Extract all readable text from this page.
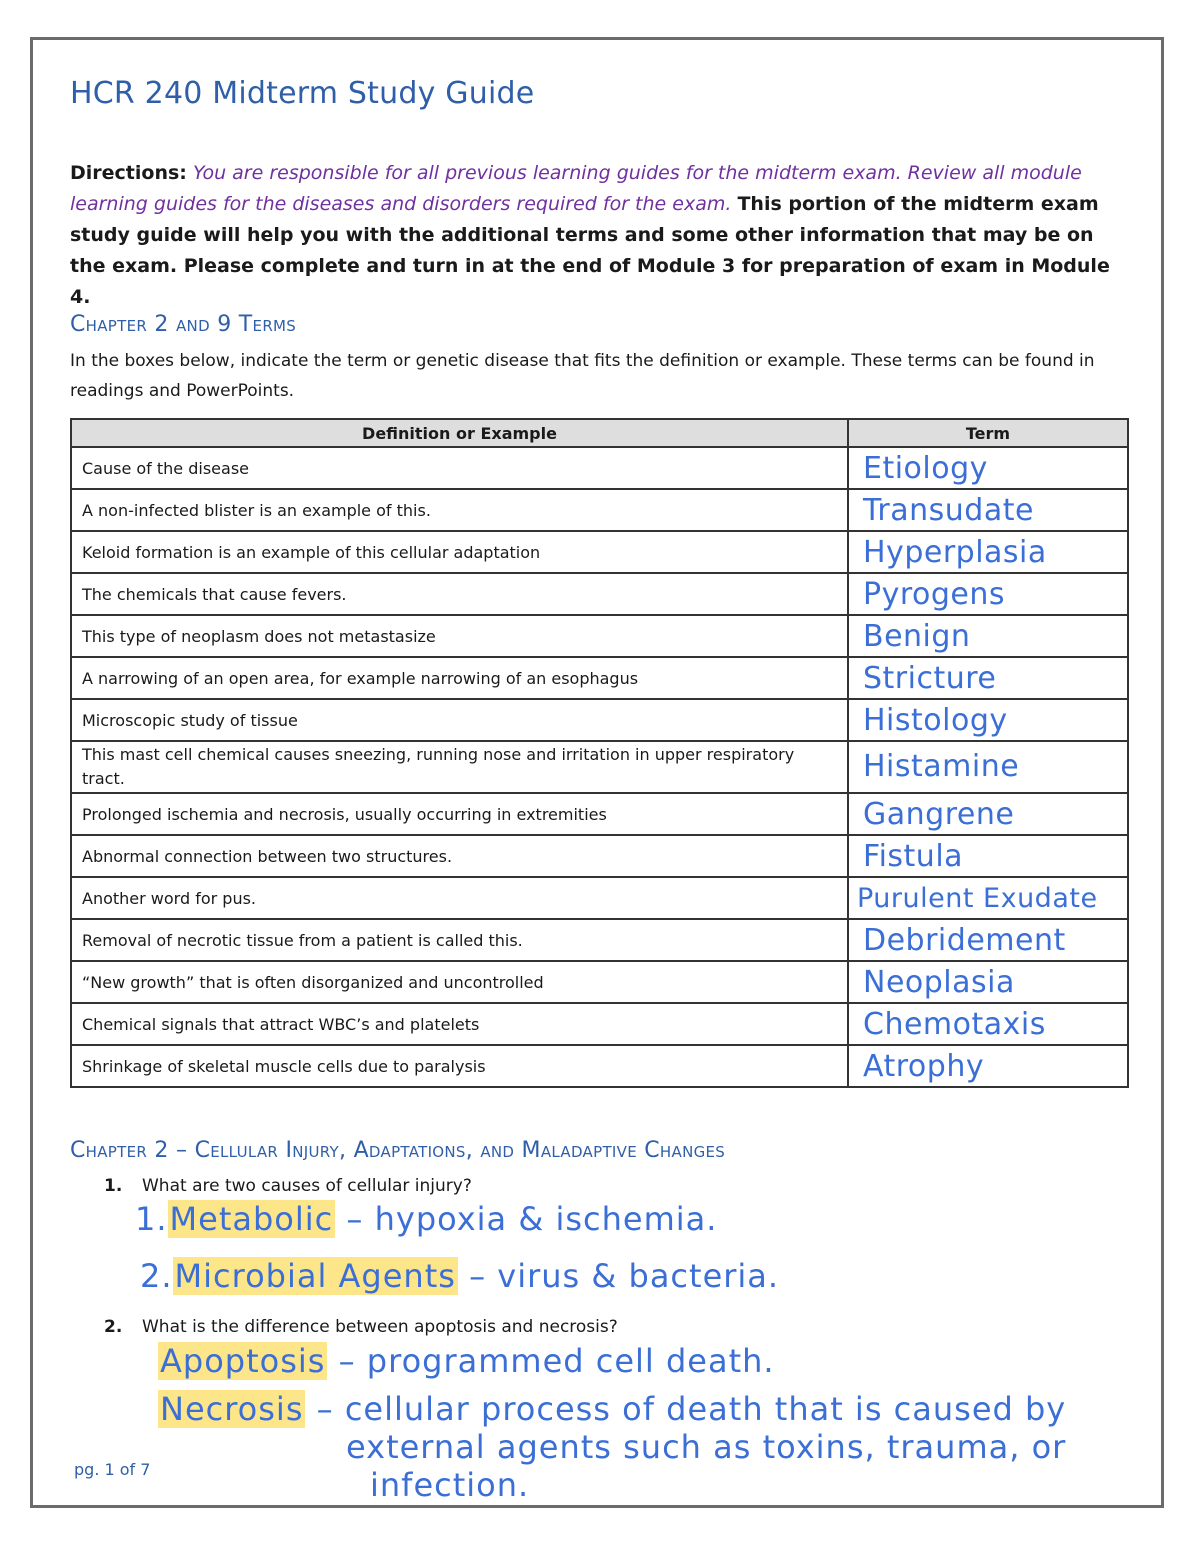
HCR 240 Midterm Study Guide

Directions: You are responsible for all previous learning guides for the midterm exam. Review all module learning guides for the diseases and disorders required for the exam. This portion of the midterm exam study guide will help you with the additional terms and some other information that may be on the exam. Please complete and turn in at the end of Module 3 for preparation of exam in Module 4.

Chapter 2 and 9 Terms

In the boxes below, indicate the term or genetic disease that fits the definition or example. These terms can be found in readings and PowerPoints.

Definition or Example	Term
Cause of the disease	Etiology
A non-infected blister is an example of this.	Transudate
Keloid formation is an example of this cellular adaptation	Hyperplasia
The chemicals that cause fevers.	Pyrogens
This type of neoplasm does not metastasize	Benign
A narrowing of an open area, for example narrowing of an esophagus	Stricture
Microscopic study of tissue	Histology
This mast cell chemical causes sneezing, running nose and irritation in upper respiratory tract.	Histamine
Prolonged ischemia and necrosis, usually occurring in extremities	Gangrene
Abnormal connection between two structures.	Fistula
Another word for pus.	Purulent Exudate
Removal of necrotic tissue from a patient is called this.	Debridement
“New growth” that is often disorganized and uncontrolled	Neoplasia
Chemical signals that attract WBC’s and platelets	Chemotaxis
Shrinkage of skeletal muscle cells due to paralysis	Atrophy
Chapter 2 – Cellular Injury, Adaptations, and Maladaptive Changes

1. What are two causes of cellular injury?

1.Metabolic – hypoxia & ischemia.
2.Microbial Agents – virus & bacteria.

2. What is the difference between apoptosis and necrosis?

Apoptosis – programmed cell death.
Necrosis – cellular process of death that is caused by
external agents such as toxins, trauma, or
infection.
pg. 1 of 7
